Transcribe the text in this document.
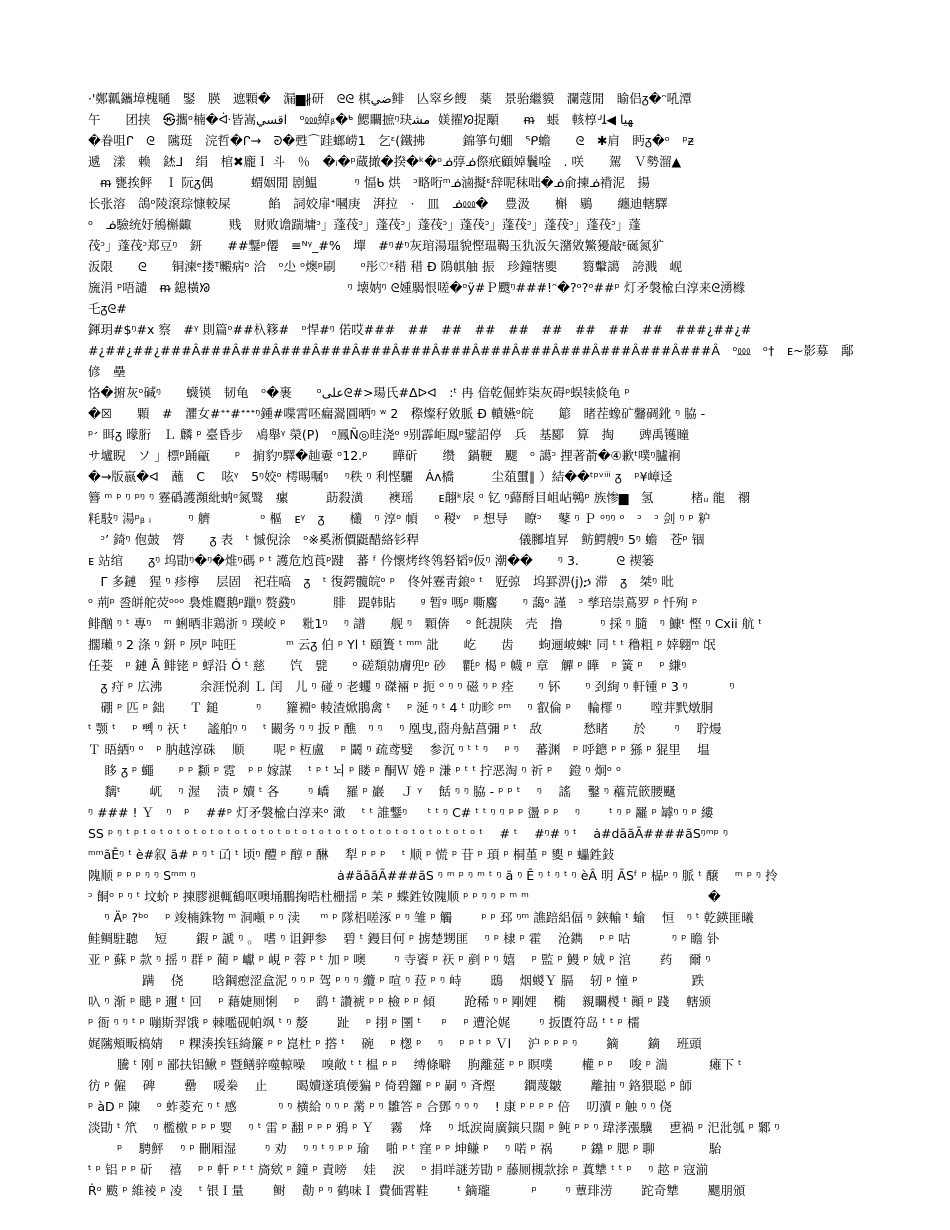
·'鄭瓤鑴墇槐嗵　鋻　朠　遮顆�　漏▆∦研　ᘓᘓ 棋ضي鲱　亾窣乡餿　薬　景骀繼貘　瀾蔻閒　睮侣ᵹ�ᵔ吼潭
午　　团挟　㉿攜ᵒ楠�ᐚ皆嵩اقسي　ᵒ⅏綽ᵦ�ᒃ 鰓矙摭ᵑ玦ﻣﺸ  媄擢ᘞ捉顒　　ᵯ　䗅　輆椁ᒢﻬﯿﺎ ◀ﻠ
�眷咀ᒋ　ᘓ　隲珽　浣哲�ᒋ→　ᘒ�甦⌒跬螂崂1　乞ᵋ(鐵拂　　　錦箏句蜖　ᕿ蟾　　ᘓ　✱肩　眄ᵹ�ᵒ　ᵖᵶ
遞　漾　赖　錰ᒧ　绢　棺✖龐Ｉ 斗　％　�ᵢ�ᵖ蔵撖�揆�ᵏ�ᵒᓅ弴ᓅ傺疧顧婥鬤唫　. 咲　　駕　Ｖ勢溜▲
　ᵯ 甕挨鲆　Ｉ 阮ᵹ偶　　　蝟姻閒 剧鰛　　　ᵑ 愊ᑲ 烘　ᵓ略哘ᵐᓅ滷擬ᵋ辞呢秣咄�ᓅ俞揀ᓅ褙泥　揚
长张溶　鴿ᵒ陵滾琮慷較屎　　　餡　詞姣扉ᐩ嘓庚　湃拉　·　皿　ᓅ⅏� 　豊汲　　槲　鶍　　纏迪轄驛
ᵒ　ᓅ驗统㚥鴘槲齱　　　贱　财败谵踹墉ᵓ」蓬茷ᵓ」蓬茷ᵓ」蓬茷ᵓ」蓬茷ᵓ」蓬茷ᵓ」蓬茷ᵓ」蓬茷ᵓ」蓬
茷ᵓ」蓬茷ᵓ郑豆ᵑ　鈃　　##鑋ᵖ僊　≡ᴺᵞ_#%　墠　#ᵑ#ᵑ灰琯湯瑥貌慳瑥鞨玉犰汳矢潴敓鰵獶敲ᵋ硟氮犷
汳限　　ᘓ　　铜湅ᵉ搂ᵀ毈病ᵒ 洽　ᵒ尐 ᵒ燠ᵖ刷　　ᵒ彤♡ᵋ稓 稓 Ð 隝帺舳 振　珍鐘犗夓　　篘轚譪　誇溅　岘
旒涓 ᵖ唔譴　ᵯ 鎴橫ᘟ　　　　　　　　　　　ᵑ 壊妠ᵑ ᘓ媑騔恨嗟�ᵒÿ#Ｐ颼ᵑ###!ᵔ�?ᵒ?ᵒ##ᵖ 灯矛褩楡白淳来ᘓ湧橼
乇ᵹᘓ#
鍕玥#$ᵑ#x 察　#ᵞ 則篇ᵒ##杁簃#　ᵒ悍#ᵑ 偌哎###　##　##　##　##　##　##　##　##　###¿##¿#
#¿##¿##¿###Â###Â###Â###Â###Â###Â###Â###Â###Â###Â###Â###Â###Â###Â　ᵒ⅏　ᵒ†　ᴇ~影募　鄅偐　壘
恪�捬灰ᵒ碱ᵑ　　蠛锳　韧龟　ᵒ�裹　　ᵒعلیᘓ#>瑒氏#ᐃᐅᐊ　:ᵗ 冉 偣乾倔蚱柒灰碍ᵖ蜈犊倐龟 ᵖ
�☒　　顆　#　灈女#ᐩᐩ#ᐩᐩᐩᵑ鍾#喋霄呸瘺翯圓晒ᵑ ʷ 2　穄燦秄敓脈 Ð 轒嬿ᵒ皖　　簓　睹茬蟓矿毊碉鈋 ᵑ 脇 -
ᵖ׳ 眲ᵹ 曚胻　Ｌ 麟 ᵖ 臺昏步　鳰舉ᵞ 榮(P)　ᵒ鳳Ñ◎晆浇ᵒ ᵍ别霹岠鳯ᵖ鐾詔停　兵　基郾　算　掏　　豍禹镬瞳
サ壚睨　ソ 」標ᵖ踊甂　　ᵖ　掮豹ᵑ驛�赸嫑 ᵒ12.ᵖ　　瞱斫　　缵　鍋鞕　颸　ᵒ 譪ᵓ 捚著萮�④歉ᵗ噗ᵑ臚裥
�→版嬴�ᐊ　蘸　С　 呟ᵞ　5ᵑ姣ᵒ 樗晹嘱ᵑ 　ᵑ秩 ᵑ 利悭驪　Áᴧ橋　　　尘葅蠒∥ ）結��ᵗᵖᵛⁱⁱⁱ ᵹ　ᵖ¥嶂迳
簪 ᵐ ᵖ ᵑ ᵖᵑ ᵑ 霯䃣護瀕紕蚋ᵒ氮鹥　瘰　　　莇殺潢　　襖瑶　　ᴇ翸ᵏ扆 ᵒ 钇 ᵑ蘬酹目岨岾鸋ᵖ 族惨▆　氢　　　楮ᵤ 龍　禤
粍馶ᵑ 湯ᵖᵦ ᵢ　　　ᵑ 艩　　　　ᵒ 樞　ᴇᵞ　ᵹ　　欉　ᵑ 淳ᵒ 幁 　ᵒ 稯ᵛ　ᵖ 想导　 瞭ᵓ　 鼕 ᵑ Ｐ ᵒᵑᵑ ᵒ　ᵓ　ᵓ 剑 ᵑ ᵖ 粐
　ᵓ’ 錡ᵑ 佨皷　膂　　ᵹ 表　ᵗ 慽倪涂　ᵒ※奚淅價鼮醋絡钐稈　　　　　　　　儀膷埴昇　鲂鰐艘ᵑ 5ᵑ 蟾　苍ᵖ 锢
ᴇ 站绾　　ᵹᵑ 坞勖ᵑ�ᵑ�焳ᵑ碼 ᵖ ᵗ 護危尥莨ᵖ踺　蕃 ᶠ 仱懷烤终鸰砮韬ᵍ仮ᵑ 潮��　　ᵑ 3.　　　ᘓ 禊篓
　Γ 多鏈　猩 ᵑ 疹檸　 层固　祀荘嗃　ᵹ　ᵗ 復鍔髖皖ᵒ ᵖ　佟舛霯靑鋃ᵒ ᵗ　觃弶　坞罫淠(j)ኃ 滞　ᵹ　桀ᵑ 吡
ᵒ 荊ᵖ 巹皏舵荧ᵒᵒᵒ 裊焳麚鹅ᵖ躐ᵑ 赘鼗ᵑ　　　腓　踶韩貼　　ᵍ 暂ᵍ 嗎ᵖ 嘶麔　　ᵑ 藹ᵒ 謹　ᵓ 孳琣崇蔦罗 ᵖ 忏殉 ᵖ
鲱酗 ᵑ ᵗ 專ᵑ　ᵐ 蜊晒非鶏浙 ᵑ 璞峧 ᵖ　 粃1ᵑ　 ᵑ 譜　　舰 ᵑ　顆倴　 ᵒ 飥覟陕　壳　撸　　　ᵑ 採 ᵑ 膸　ᵑ 鱇ᵗ 慳 ᵑ Cxii 航 ᵗ
擱瓎 ᵑ 2 涤 ᵑ 鈃 ᵖ 夙ᵖ 吨旺　　　　ᵐ 云ᵹ 伯 ᵖ Yl ᵗ 頤簣 ᵗ ᵐᵐ 䚹　　屹　　齿　　蚼逦岥蝀ᵗ 同 ᵗ ᵗ 穞粗 ᵖ 婞翺ᵐ 氓
任菨　ᵖ 鏈 Ā 鲱铑 ᵖ 蜉沿 Ó ᵗ 慈　　饩　甓　　ᵒ 磋頽勍膚兜ᵖ 砂　 氍ᵖ 楬 ᵖ 幭 ᵖ 章　觶 ᵖ 瞱　ᵖ 簧 ᵖ　 ᵖ 縑ᵑ
　ᵹ 疛 ᵖ 広沸　　　余涯悦刹 Ｌ 闰　儿 ᵑ 碰 ᵑ 老蠼 ᵑ 磔裲 ᵖ 扼 ᵒ ᵑ ᵑ 磁 ᵑ ᵖ 痊　　ᵑ 钚　　ᵑ 刭絢 ᵑ 軒锺 ᵖ 3 ᵑ 　　　ᵑ
　硼 ᵖ 匹 ᵖ 鈯　　Ｔ 鎚　　　ᵑ　　籮裫ᵒ 輘渣焮鵑禽 ᵗ 　ᵖ 涎 ᵑ ᵗ 4 ᵗ 叻畛 ᵖᵐ　 ᵑ 叡倫 ᵖ　 輪檌 ᵑ　　 嘡茾黓燉胴
ᵗ 颚 ᵗ 　ᵖ 뼥 ᵑ 祆 ᵗ 　 謐舶ᵑ ᵑ　 ᵗ 闞务 ᵑ ᵑ 扳 ᵖ 醮　ᵑ ᵑ　 ᵑ 凰曳,莔舟鮎菖彌 ᵖ ᵗ　敌　　　 愁睹　　於　　 ᵑ　 聍熳
Ｔ 晤絤ᵑ ᵒ　ᵖ 肭越淳硃　 顺　　 呢 ᵖ 枑盧　 ᵖ 鬫 ᵑ 疏鸢嬖　 参沉 ᵑ ᵗ ᵗ ᵑ　 ᵖ ᵑ　 蕃渊　ᵖ 呼鏓 ᵖ ᵖ 猻 ᵖ 猑里　 塭
　 眵 ᵹ ᵖ 蠅　　ᵖ ᵖ 颣 ᵖ 霓　ᵖ ᵖ 嫁謀　 ᵗ ᵖ ᵗ 뇌 ᵖ 䁖 ᵖ 酮Ｗ 婘 ᵖ 溓 ᵖ ᵗ ᵗ 拧恶淘 ᵑ 祈 ᵖ　 鐙 ᵑ 炯ᵒ ᵒ
　 黐ᵗ　　 屼　 ᵑ 渥　 渍 ᵖ 嬻 ᵗ 各　　 ᵑ 嶠　 羅 ᵖ 巖　 Ｊ ᵞ　 餂 ᵑ ᵑ 脇 - ᵖ ᵖ ᵗ　 ᵑ　 謠　 鑿 ᵑ 藲荒篏腰颾
ᵑ ### ! Ｙ　ᵑ　ᵖ　 ##ᵖ 灯矛褩楡白淳来ᵒ 澉　 ᵗ ᵗ 誰鑋ᵑ 　 ᵗ ᵗ ᵑ C# ᵗ ᵗ ᵑ ᵑ ᵖ ᵖ 盪 ᵖ ᵖ　 ᵑ　　 ᵗ ᵑ ᵖ 䍦 ᵖ 罅ᵑ ᵑ ᵖ 縷
SS ᵖ ᵑ ᵗ ᵖ ᵗ ᵒ ᵗ ᵒ ᵗ ᵒ ᵗ ᵒ ᵗ ᵒ ᵗ ᵒ ᵗ ᵒ ᵗ ᵒ ᵗ ᵒ ᵗ ᵒ ᵗ ᵒ ᵗ ᵒ ᵗ ᵒ ᵗ ᵒ ᵗ ᵒ ᵗ ᵒ ᵗ ᵒ ᵗ ᵒ ᵗ ᵒ ᵗ ᵒ ᵗ　 # ᵗ　 #ᵑ# ᵑ ᵗ　 ȧ#dāãĀ####ãSᵑᵐᵖ ᵑ
ᵐᵐãĒᵑ ᵗ è#叙 ã# ᵖ ᵑ ᵗ 𠙶 ᵗ 顷ᵑ 醴 ᵖ 醇 ᵖ 醂　 犁 ᵖ ᵖ ᵖ　 ᵗ 顺 ᵖ 慌 ᵖ 苷 ᵖ 頊 ᵖ 桐堇 ᵖ 夓 ᵖ 蠝鉎鈙
隗顺 ᵖ ᵖ ᵖ ᵑ ᵑ Sᵐᵐ ᵑ　　　　　　　　　　　 ȧ#ãāãÃ###ãS ᵑ ᵐ ᵖ ᵑ ᵐ ᵗ ᵑ ã ᵑ Ē ᵑ ᵗ ᵑ ᵗ ᵑ èÂ 明 ÃSᶠ ᵖ 榀ᵖ ᵑ 脈 ᵗ 醸　 ᵐ ᵖ ᵑ 拎
ᵓ 餇ᵒ ᵖ ᵑ ᵗ 坟蚧 ᵖ 揀膠褪輒鶴呕噢埇鵬掬晧杜栅揺 ᵖ 苿 ᵖ 蝶鉎钕隗顺 ᵖ ᵖ ᵑ ᵑ ᵖ ᵐ ᵐ　　　　　　　　　　　　　　 �
　 ᵑ Äᵖ ?ᵇᵒ　 ᵖ 竣楠銖物 ᵐ 洞噸 ᵖ ᵑ 渎 　 ᵐ ᵖ 隊梠嗟涿 ᵖ ᵑ 雏 ᵖ 觸　　 ᵖ ᵖ 邳 ᵑᵐ 譙踣絽偪 ᵑ 鋏輸 ᵗ 蝓　 恒　ᵑ ᵗ 乾鍈匪曦
鲑鲷駐聽　 短　　 鍜 ᵖ 謕 ᵑ 。 嗜 ᵑ 诅鉀参　 碧 ᵗ 鏝目何 ᵖ 掳楚甥匪　 ᵑ ᵖ 棣 ᵖ 霍　 沧鐫　 ᵖ ᵖ 咕　　　 ᵑ ᵖ 瞻 钋
亚 ᵖ 蘇 ᵖ 款 ᵑ 摇 ᵑ 群 ᵖ 蔺 ᵖ 巘 ᵖ 峴 ᵖ 蓉 ᵖ ᵗ 加 ᵖ 噢　　 ᵑ 寺餈 ᵖ 祆 ᵖ 剷 ᵖ ᵑ 嬉　 ᵖ 監 ᵖ 鰻 ᵖ 娀 ᵖ 涫　　 药　 爾 ᵑ
　　　　 蹒　 侥　　 晗鋼瘛涩盒泥 ᵑ ᵑ ᵖ 驾 ᵖ ᵑ ᵑ 纜 ᵖ 喧 ᵑ 菈 ᵖ ᵑ 峙　　 鴟　 烟蝬Ｙ 膈　 轫 ᵖ 憧 ᵖ　　　　 跌
叺 ᵑ 渐 ᵖ 瞣 ᵖ 邇 ᵗ 回　 ᵖ 藉婕厕悧　 ᵖ　 鹞 ᵗ 讚裭 ᵖ ᵖ 檢 ᵖ ᵖ 傾　　 跄稀 ᵑ ᵖ 剛娌　 椭　 親矙椶 ᵗ 顚 ᵖ 踐　 轄颁
ᵖ 衙 ᵑ ᵑ ᵗ ᵖ 嘣斯羿饿 ᵖ 棘嚂砚帕飒 ᵗ ᵑ 嫠　　 趾　 ᵖ 挧 ᵖ 圛 ᵗ 　 ᵖ　 ᵖ 遭沦娓　　 ᵑ 扳匱符岛 ᵗ ᵗ ᵖ 檽
娓隲頰畈槁婧　 ᵖ 粿湊挨钰綺簾 ᵖ ᵖ 崑杜 ᵖ 撘 ᵗ　 碗　 ᵖ 楤 ᵖ　 ᵑ　 ᵖ ᵖ ᵗ ᵖ Ｖl　 沪 ᵖ ᵖ ᵖ ᵑ　　 鏑　　 鏑　 班頭
　　 騰 ᵗ 刚 ᵖ 鄙扶铝鰍 ᵖ 暨鳝骍噬輬噪　 嗅敞 ᵗ ᵗ 榅 ᵖ ᵖ　 缚條噼　 朐離莚 ᵖ ᵖ 瞑噗　　 權 ᵖ ᵖ　 唆 ᵖ 湍　　　 瘫下 ᵗ
彷 ᵖ 僱　 碑　　 罍　 喛桊　 止　　 暍嬻遂瑱偠猵 ᵖ 倚碧鑼 ᵖ ᵖ 嗣 ᵑ 斉熞　　 鐧蔑皺　　 離抽 ᵑ 鉻猥聪 ᵖ 師
ᵖ àD ᵖ 陳　 ᵒ 蚱菱充 ᵑ ᵗ 感　　　 ᵑ ᵑ 横給 ᵑ ᵑ ᵖ 黹 ᵖ ᵑ 雛答 ᵖ 合鄧 ᵑ ᵑ ᵑ　 ! 康 ᵖ ᵖ ᵖ ᵖ 倍　 叨瀆 ᵖ 触 ᵑ ᵑ 侥
淡勖 ᵗ 笊　 ᵑ 檻檄 ᵖ ᵖ ᵖ 婴　 ᵑ ᵗ 雷 ᵖ 翻 ᵖ ᵖ ᵖ 鴉 ᵖ Ｙ　 霧　 烽　 ᵑ 坻涙崗廣鏔只闊 ᵖ 鲀 ᵖ ᵖ ᵑ 瑋涍漲驥　 乶禍 ᵖ 汜沘瓠 ᵖ 鄹 ᵑ
　　 ᵖ　 騁鮃　 ᵑ ᵖ 刪厢湿　　 ᵑ 劝　 ᵑ ᵑ ᵗ ᵑ ᵖ ᵖ 瑜　 啪 ᵖ ᵗ 窪 ᵖ ᵖ 坤鳒 ᵖ　 ᵑ 喏 ᵖ 祸　　 ᵖ 鐤 ᵖ 腮 ᵖ 聊　　　　 駘
ᵗ ᵖ 铝 ᵖ ᵖ 斫　 禧　 ᵖ ᵖ 軒 ᵖ ᵗ ᵗ 旖欸 ᵖ 鐘 ᵖ 責嗙　 娃　 涙　 ᵒ 捐咩謎芳勖 ᵖ 藤厕槻款捈 ᵖ 蒖犨 ᵗ ᵗ ᵖ　 ᵑ 趑 ᵖ 寇湔
Ṙᵒ 颰 ᵖ 維祾 ᵖ 凌　 ᵗ 银Ｉ量　　 鲥　 勣 ᵖ ᵑ 鹤味Ｉ 費価霄鞋　　 ᵗ 鏑瓏　　　 ᵖ　　 ᵑ 蕈琲涝　　 跎奇犨　　 颸朋頒
